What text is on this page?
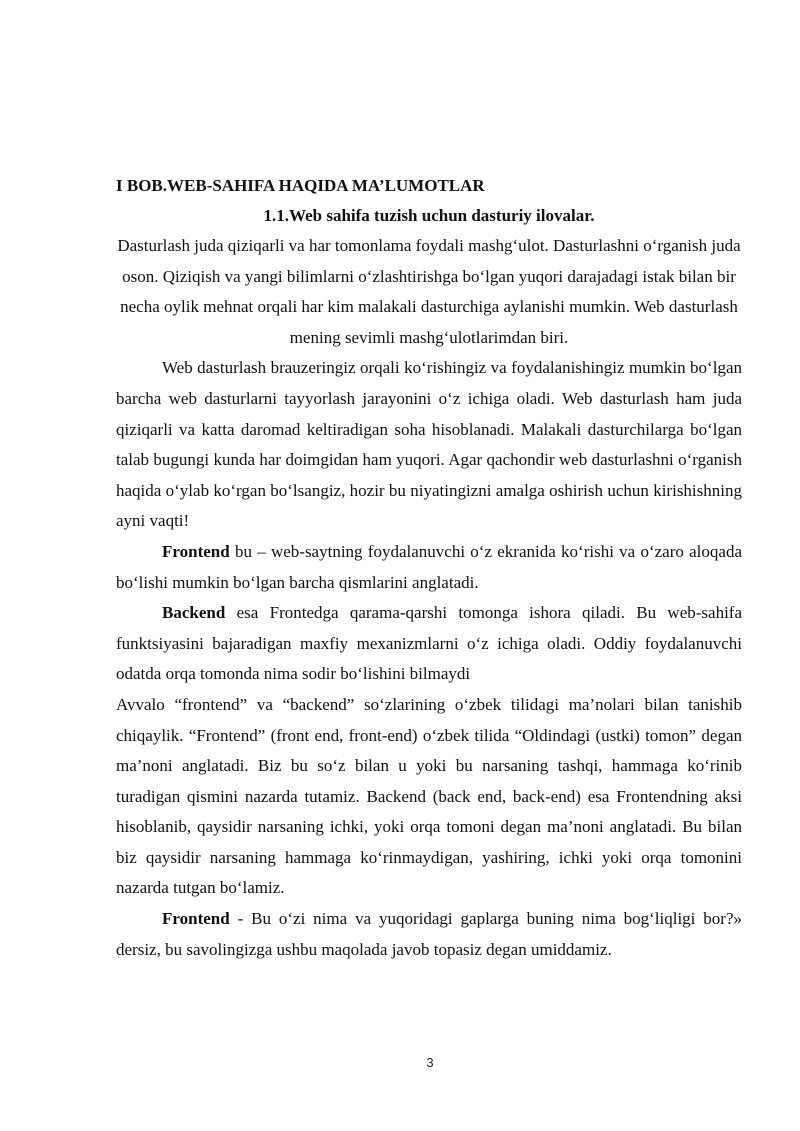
I BOB.WEB-SAHIFA HAQIDA MA’LUMOTLAR
1.1.Web sahifa tuzish uchun dasturiy ilovalar.

Dasturlash juda qiziqarli va har tomonlama foydali mashg‘ulot. Dasturlashni o‘rganish juda oson. Qiziqish va yangi bilimlarni o‘zlashtirishga bo‘lgan yuqori darajadagi istak bilan bir necha oylik mehnat orqali har kim malakali dasturchiga aylanishi mumkin. Web dasturlash mening sevimli mashg‘ulotlarimdan biri.

Web dasturlash brauzeringiz orqali ko‘rishingiz va foydalanishingiz mumkin bo‘lgan barcha web dasturlarni tayyorlash jarayonini o‘z ichiga oladi. Web dasturlash ham juda qiziqarli va katta daromad keltiradigan soha hisoblanadi. Malakali dasturchilarga bo‘lgan talab bugungi kunda har doimgidan ham yuqori. Agar qachondir web dasturlashni o‘rganish haqida o‘ylab ko‘rgan bo‘lsangiz, hozir bu niyatingizni amalga oshirish uchun kirishishning ayni vaqti!

Frontend bu – web-saytning foydalanuvchi o‘z ekranida ko‘rishi va o‘zaro aloqada bo‘lishi mumkin bo‘lgan barcha qismlarini anglatadi.

Backend esa Frontedga qarama-qarshi tomonga ishora qiladi. Bu web-sahifa funktsiyasini bajaradigan maxfiy mexanizmlarni o‘z ichiga oladi. Oddiy foydalanuvchi odatda orqa tomonda nima sodir bo‘lishini bilmaydi

Avvalo “frontend” va “backend” so‘zlarining o‘zbek tilidagi ma’nolari bilan tanishib chiqaylik. “Frontend” (front end, front-end) o‘zbek tilida “Oldindagi (ustki) tomon” degan ma’noni anglatadi. Biz bu so‘z bilan u yoki bu narsaning tashqi, hammaga ko‘rinib turadigan qismini nazarda tutamiz. Backend (back end, back-end) esa Frontendning aksi hisoblanib, qaysidir narsaning ichki, yoki orqa tomoni degan ma’noni anglatadi. Bu bilan biz qaysidir narsaning hammaga ko‘rinmaydigan, yashiring, ichki yoki orqa tomonini nazarda tutgan bo‘lamiz.

Frontend - Bu o‘zi nima va yuqoridagi gaplarga buning nima bog‘liqligi bor?» dersiz, bu savolingizga ushbu maqolada javob topasiz degan umiddamiz.

3
